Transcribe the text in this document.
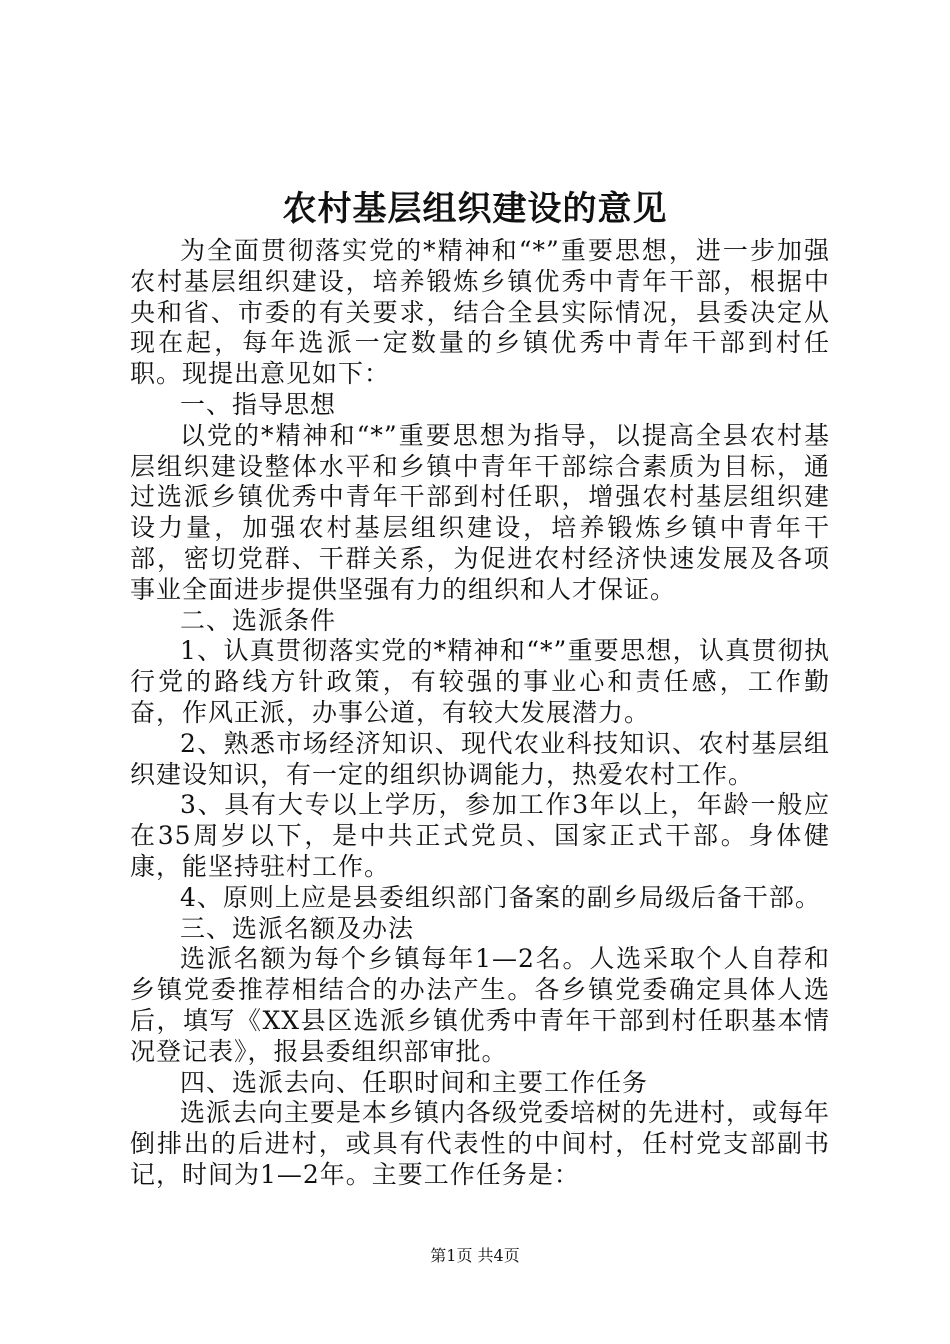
农村基层组织建设的意见

为全面贯彻落实党的*精神和“*”重要思想，进一步加强农村基层组织建设，培养锻炼乡镇优秀中青年干部，根据中央和省、市委的有关要求，结合全县实际情况，县委决定从现在起，每年选派一定数量的乡镇优秀中青年干部到村任职。现提出意见如下：

一、指导思想

以党的*精神和“*”重要思想为指导，以提高全县农村基层组织建设整体水平和乡镇中青年干部综合素质为目标，通过选派乡镇优秀中青年干部到村任职，增强农村基层组织建设力量，加强农村基层组织建设，培养锻炼乡镇中青年干部，密切党群、干群关系，为促进农村经济快速发展及各项事业全面进步提供坚强有力的组织和人才保证。

二、选派条件

1、认真贯彻落实党的*精神和“*”重要思想，认真贯彻执行党的路线方针政策，有较强的事业心和责任感，工作勤奋，作风正派，办事公道，有较大发展潜力。

2、熟悉市场经济知识、现代农业科技知识、农村基层组织建设知识，有一定的组织协调能力，热爱农村工作。

3、具有大专以上学历，参加工作3年以上，年龄一般应在35周岁以下，是中共正式党员、国家正式干部。身体健康，能坚持驻村工作。

4、原则上应是县委组织部门备案的副乡局级后备干部。

三、选派名额及办法

选派名额为每个乡镇每年1—2名。人选采取个人自荐和乡镇党委推荐相结合的办法产生。各乡镇党委确定具体人选后，填写《XX县区选派乡镇优秀中青年干部到村任职基本情况登记表》，报县委组织部审批。

四、选派去向、任职时间和主要工作任务

选派去向主要是本乡镇内各级党委培树的先进村，或每年倒排出的后进村，或具有代表性的中间村，任村党支部副书记，时间为1—2年。主要工作任务是：

第1页 共4页
